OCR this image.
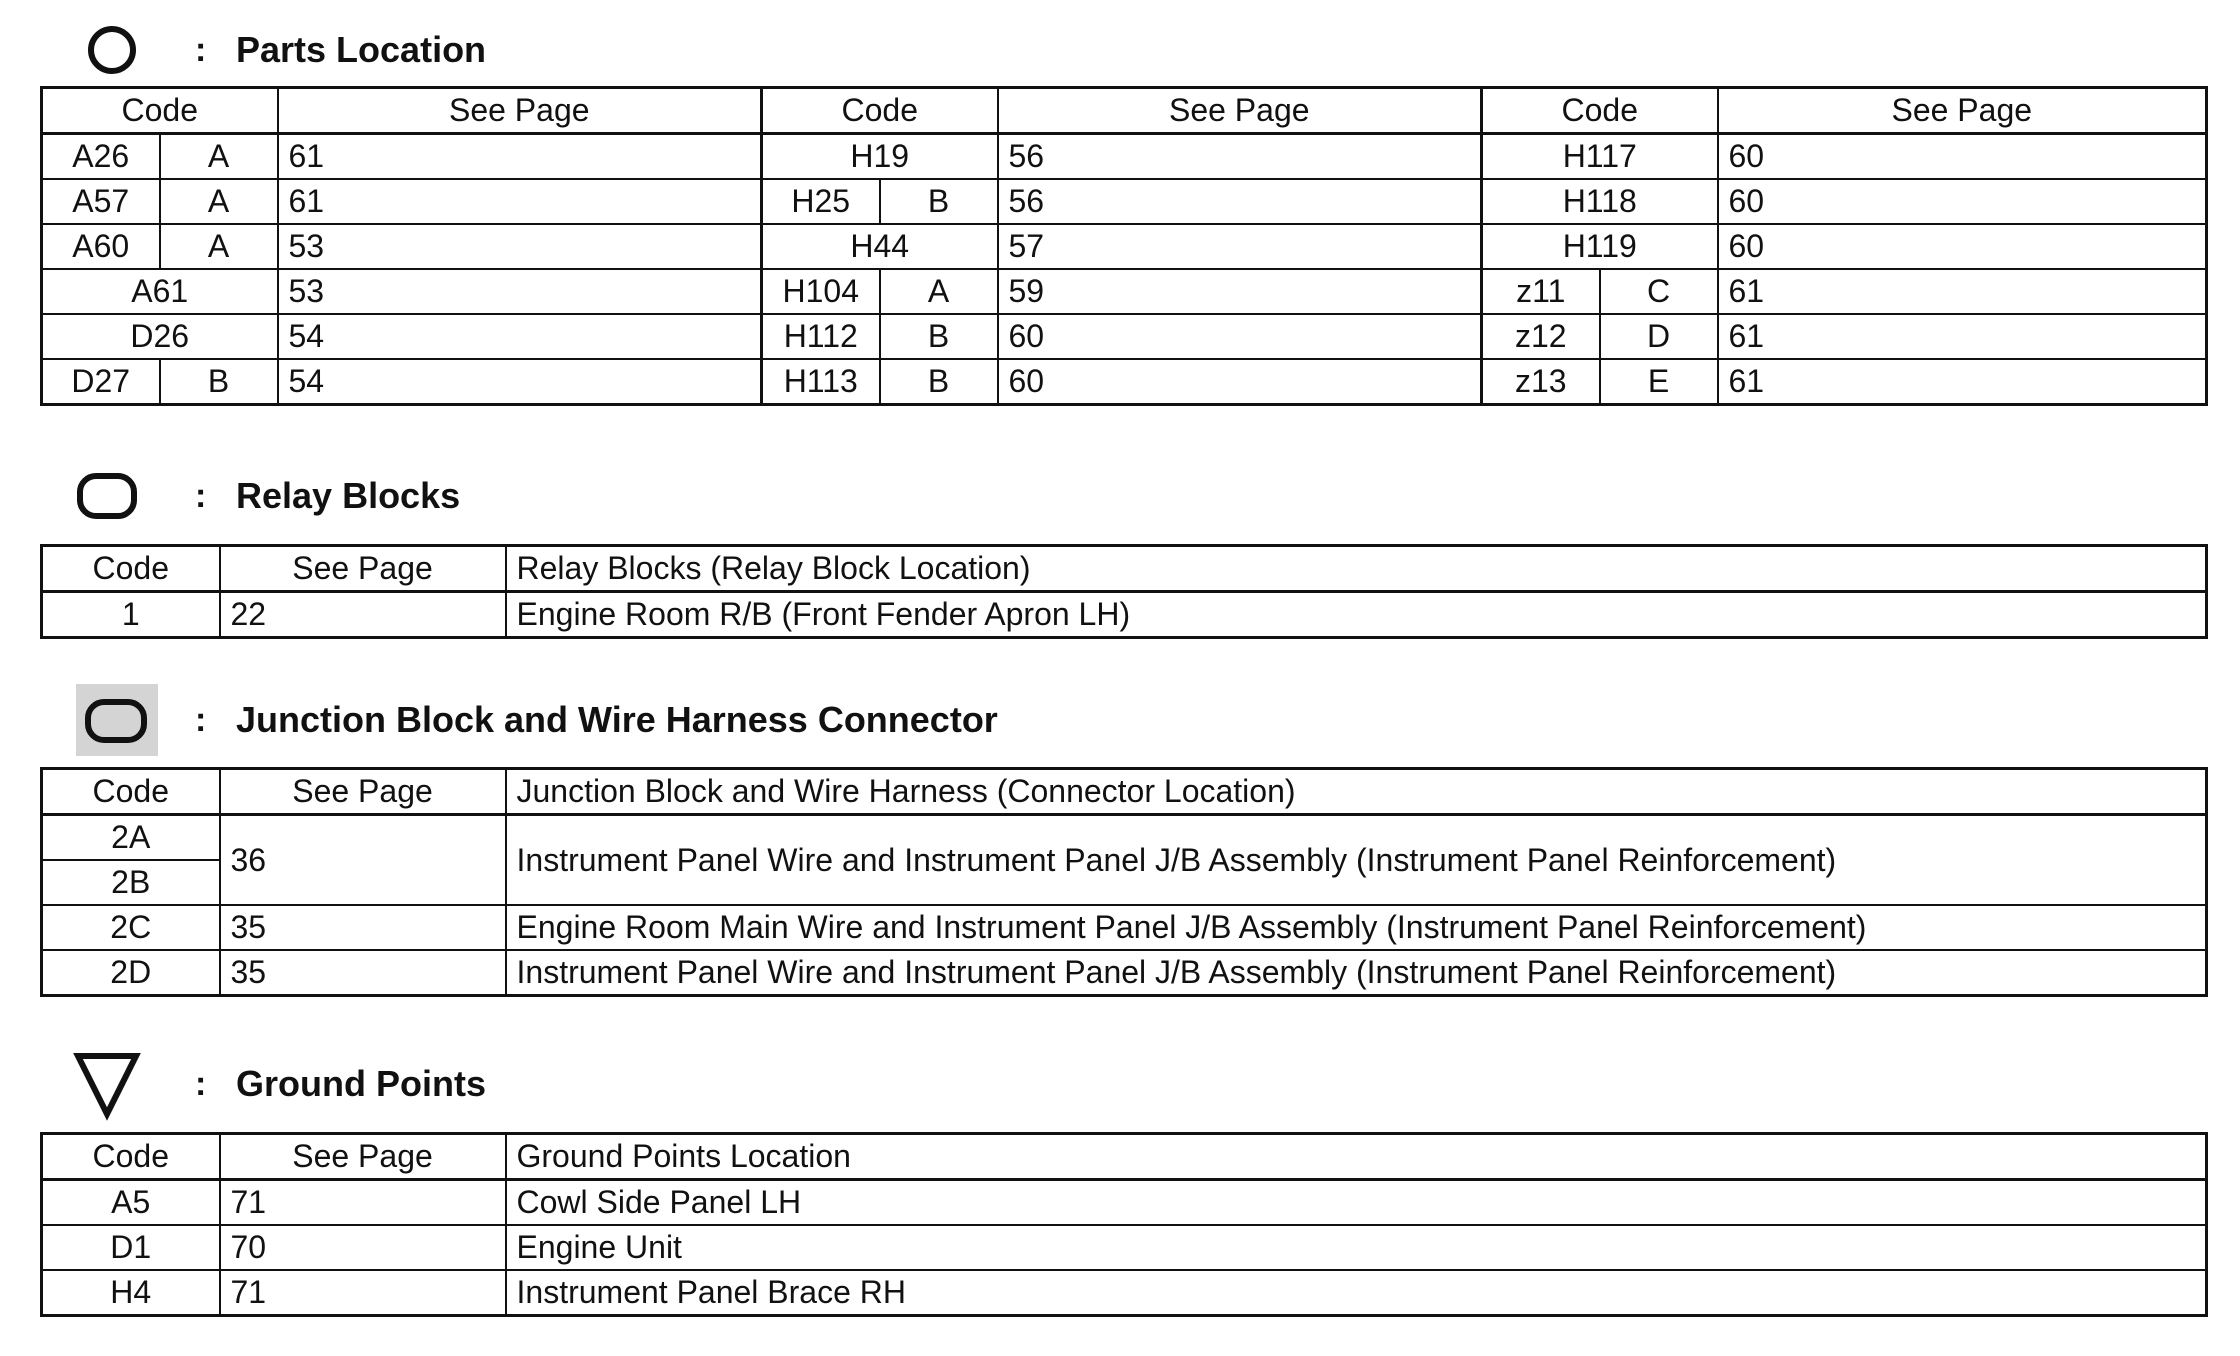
: Parts Location
Code		See Page	Code		See Page	Code		See Page
A26	A	61	H19		56	H117		60
A57	A	61	H25	B	56	H118		60
A60	A	53	H44		57	H119		60
A61		53	H104	A	59	z11	C	61
D26		54	H112	B	60	z12	D	61
D27	B	54	H113	B	60	z13	E	61
: Relay Blocks
Code	See Page	Relay Blocks (Relay Block Location)
1	22	Engine Room R/B (Front Fender Apron LH)
: Junction Block and Wire Harness Connector
Code	See Page	Junction Block and Wire Harness (Connector Location)
2A	36	Instrument Panel Wire and Instrument Panel J/B Assembly (Instrument Panel Reinforcement)
2B		
2C	35	Engine Room Main Wire and Instrument Panel J/B Assembly (Instrument Panel Reinforcement)
2D	35	Instrument Panel Wire and Instrument Panel J/B Assembly (Instrument Panel Reinforcement)
: Ground Points
Code	See Page	Ground Points Location
A5	71	Cowl Side Panel LH
D1	70	Engine Unit
H4	71	Instrument Panel Brace RH
